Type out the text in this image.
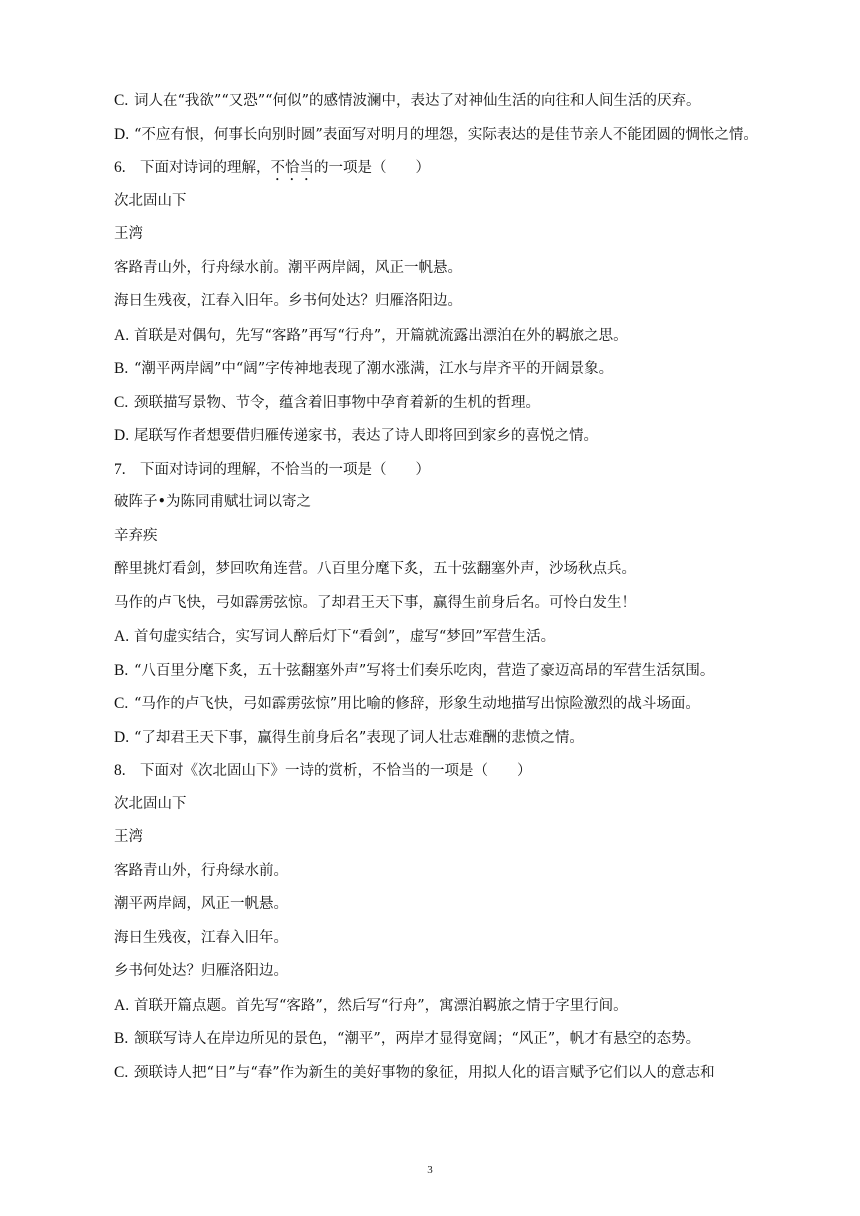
C. 词人在“我欲”“又恐”“何似”的感情波澜中，表达了对神仙生活的向往和人间生活的厌弃。
D. “不应有恨，何事长向别时圆”表面写对明月的埋怨，实际表达的是佳节亲人不能团圆的惆怅之情。
6. 下面对诗词的理解，不恰当的一项是（　　）
次北固山下
王湾
客路青山外，行舟绿水前。潮平两岸阔，风正一帆悬。
海日生残夜，江春入旧年。乡书何处达？归雁洛阳边。
A. 首联是对偶句，先写“客路”再写“行舟”，开篇就流露出漂泊在外的羁旅之思。
B. “潮平两岸阔”中“阔”字传神地表现了潮水涨满，江水与岸齐平的开阔景象。
C. 颈联描写景物、节令，蕴含着旧事物中孕育着新的生机的哲理。
D. 尾联写作者想要借归雁传递家书，表达了诗人即将回到家乡的喜悦之情。
7. 下面对诗词的理解，不恰当的一项是（　　）
破阵子•为陈同甫赋壮词以寄之
辛弃疾
醉里挑灯看剑，梦回吹角连营。八百里分麾下炙，五十弦翻塞外声，沙场秋点兵。
马作的卢飞快，弓如霹雳弦惊。了却君王天下事，赢得生前身后名。可怜白发生！
A. 首句虚实结合，实写词人醉后灯下“看剑”，虚写“梦回”军营生活。
B. “八百里分麾下炙，五十弦翻塞外声”写将士们奏乐吃肉，营造了豪迈高昂的军营生活氛围。
C. “马作的卢飞快，弓如霹雳弦惊”用比喻的修辞，形象生动地描写出惊险激烈的战斗场面。
D. “了却君王天下事，赢得生前身后名”表现了词人壮志难酬的悲愤之情。
8. 下面对《次北固山下》一诗的赏析，不恰当的一项是（　　）
次北固山下
王湾
客路青山外，行舟绿水前。
潮平两岸阔，风正一帆悬。
海日生残夜，江春入旧年。
乡书何处达？归雁洛阳边。
A. 首联开篇点题。首先写“客路”，然后写“行舟”，寓漂泊羁旅之情于字里行间。
B. 颔联写诗人在岸边所见的景色，“潮平”，两岸才显得宽阔；“风正”，帆才有悬空的态势。
C. 颈联诗人把“日”与“春”作为新生的美好事物的象征，用拟人化的语言赋予它们以人的意志和
3
